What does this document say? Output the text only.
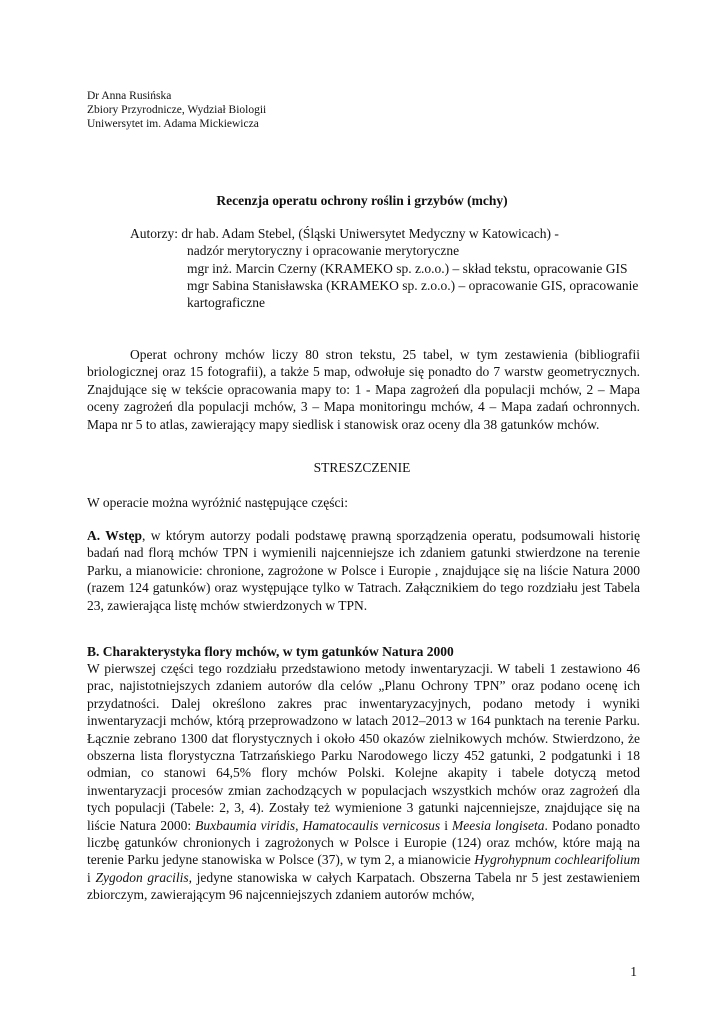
Dr Anna Rusińska
Zbiory Przyrodnicze, Wydział Biologii
Uniwersytet im. Adama Mickiewicza
Recenzja operatu ochrony roślin i grzybów (mchy)
Autorzy: dr hab. Adam Stebel, (Śląski Uniwersytet Medyczny w Katowicach) -
nadzór merytoryczny i opracowanie merytoryczne
mgr inż. Marcin Czerny (KRAMEKO sp. z.o.o.) – skład tekstu, opracowanie GIS
mgr Sabina Stanisławska (KRAMEKO sp. z.o.o.) – opracowanie GIS, opracowanie kartograficzne
Operat ochrony mchów liczy 80 stron tekstu, 25 tabel, w tym zestawienia (bibliografii briologicznej oraz 15 fotografii), a także 5 map, odwołuje się ponadto do 7 warstw geometrycznych. Znajdujące się w tekście opracowania mapy to: 1 - Mapa zagrożeń dla populacji mchów, 2 – Mapa oceny zagrożeń dla populacji mchów, 3 – Mapa monitoringu mchów, 4 – Mapa zadań ochronnych. Mapa nr 5 to atlas, zawierający mapy siedlisk i stanowisk oraz oceny dla 38 gatunków mchów.
STRESZCZENIE
W operacie można wyróżnić następujące części:
A. Wstęp, w którym autorzy podali podstawę prawną sporządzenia operatu, podsumowali historię badań nad florą mchów TPN i wymienili najcenniejsze ich zdaniem gatunki stwierdzone na terenie Parku, a mianowicie: chronione, zagrożone w Polsce i Europie , znajdujące się na liście Natura 2000 (razem 124 gatunków) oraz występujące tylko w Tatrach. Załącznikiem do tego rozdziału jest Tabela 23, zawierająca listę mchów stwierdzonych w TPN.
B. Charakterystyka flory mchów, w tym gatunków Natura 2000
W pierwszej części tego rozdziału przedstawiono metody inwentaryzacji. W tabeli 1 zestawiono 46 prac, najistotniejszych zdaniem autorów dla celów „Planu Ochrony TPN” oraz podano ocenę ich przydatności. Dalej określono zakres prac inwentaryzacyjnych, podano metody i wyniki inwentaryzacji mchów, którą przeprowadzono w latach 2012–2013 w 164 punktach na terenie Parku. Łącznie zebrano 1300 dat florystycznych i około 450 okazów zielnikowych mchów. Stwierdzono, że obszerna lista florystyczna Tatrzańskiego Parku Narodowego liczy 452 gatunki, 2 podgatunki i 18 odmian, co stanowi 64,5% flory mchów Polski. Kolejne akapity i tabele dotyczą metod inwentaryzacji procesów zmian zachodzących w populacjach wszystkich mchów oraz zagrożeń dla tych populacji (Tabele: 2, 3, 4). Zostały też wymienione 3 gatunki najcenniejsze, znajdujące się na liście Natura 2000: Buxbaumia viridis, Hamatocaulis vernicosus i Meesia longiseta. Podano ponadto liczbę gatunków chronionych i zagrożonych w Polsce i Europie (124) oraz mchów, które mają na terenie Parku jedyne stanowiska w Polsce (37), w tym 2, a mianowicie Hygrohypnum cochlearifolium i Zygodon gracilis, jedyne stanowiska w całych Karpatach. Obszerna Tabela nr 5 jest zestawieniem zbiorczym, zawierającym 96 najcenniejszych zdaniem autorów mchów,
1
